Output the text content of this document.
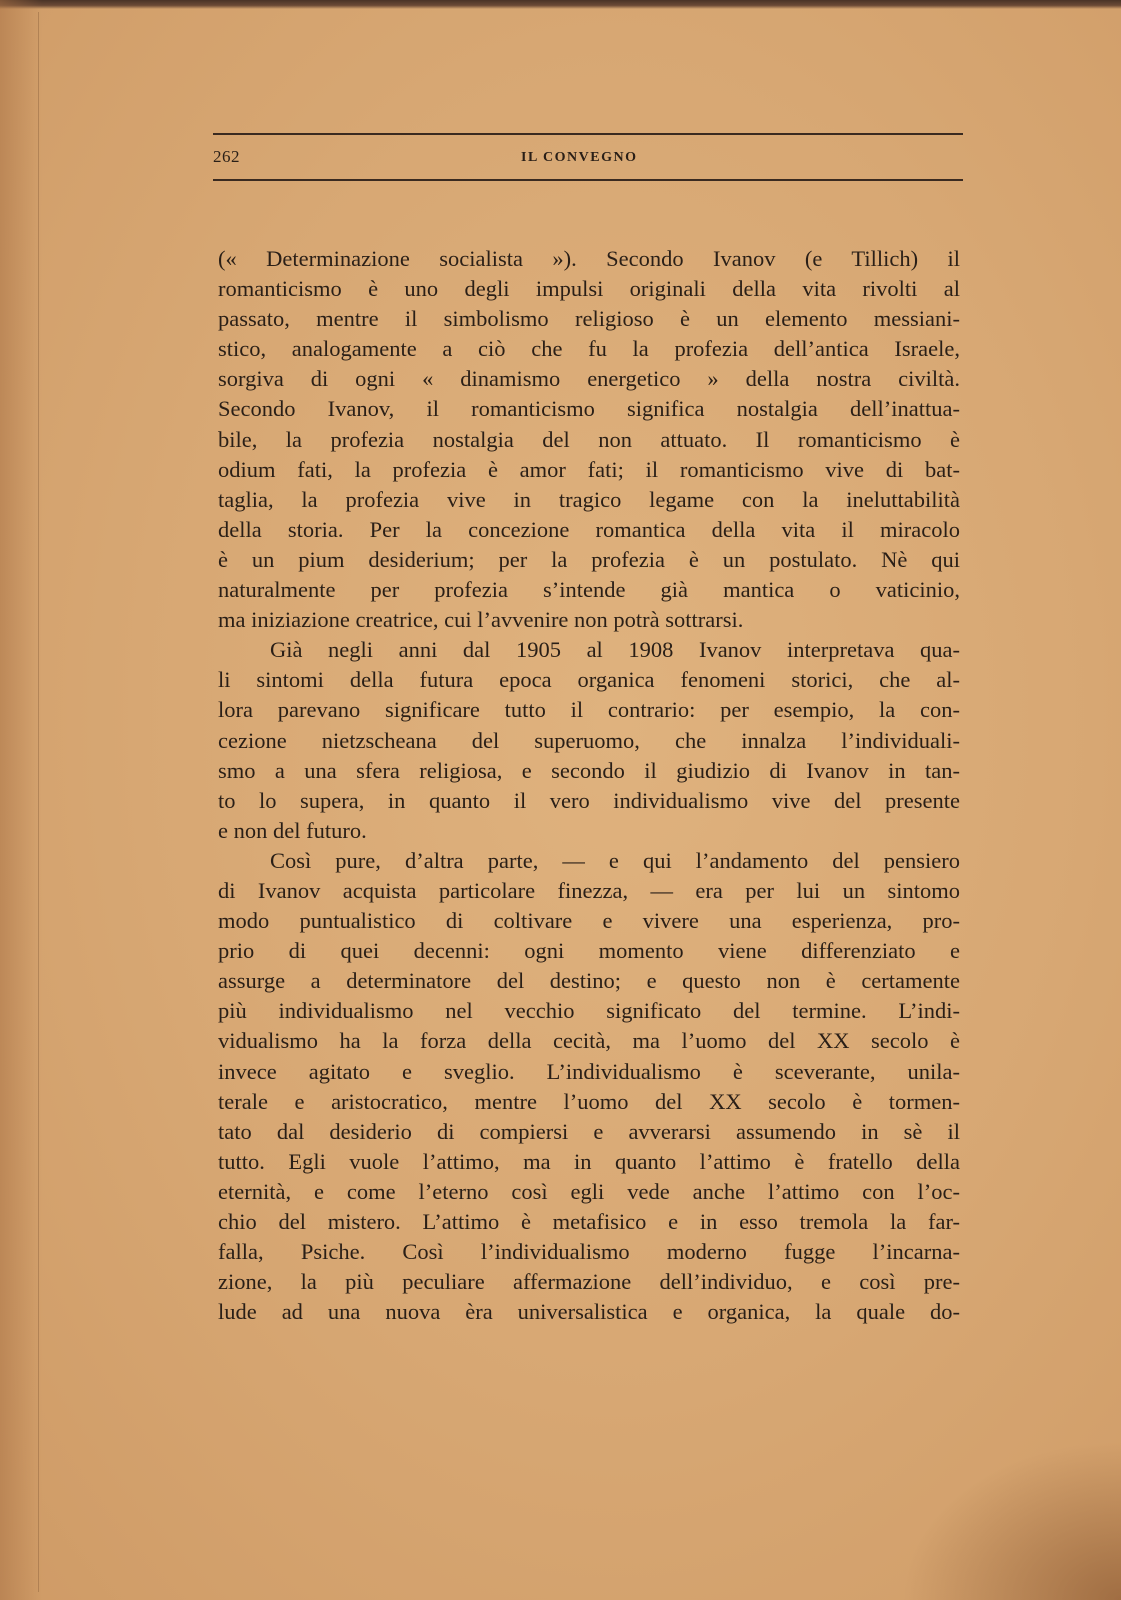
262	IL CONVEGNO
(« Determinazione socialista »). Secondo Ivanov (e Tillich) il
romanticismo è uno degli impulsi originali della vita rivolti al
passato, mentre il simbolismo religioso è un elemento messiani-
stico, analogamente a ciò che fu la profezia dell’antica Israele,
sorgiva di ogni « dinamismo energetico » della nostra civiltà.
Secondo Ivanov, il romanticismo significa nostalgia dell’inattua-
bile, la profezia nostalgia del non attuato. Il romanticismo è
odium fati, la profezia è amor fati; il romanticismo vive di bat-
taglia, la profezia vive in tragico legame con la ineluttabilità
della storia. Per la concezione romantica della vita il miracolo
è un pium desiderium; per la profezia è un postulato. Nè qui
naturalmente per profezia s’intende già mantica o vaticinio,
ma iniziazione creatrice, cui l’avvenire non potrà sottrarsi.
Già negli anni dal 1905 al 1908 Ivanov interpretava qua-
li sintomi della futura epoca organica fenomeni storici, che al-
lora parevano significare tutto il contrario: per esempio, la con-
cezione nietzscheana del superuomo, che innalza l’individuali-
smo a una sfera religiosa, e secondo il giudizio di Ivanov in tan-
to lo supera, in quanto il vero individualismo vive del presente
e non del futuro.
Così pure, d’altra parte, — e qui l’andamento del pensiero
di Ivanov acquista particolare finezza, — era per lui un sintomo
modo puntualistico di coltivare e vivere una esperienza, pro-
prio di quei decenni: ogni momento viene differenziato e
assurge a determinatore del destino; e questo non è certamente
più individualismo nel vecchio significato del termine. L’indi-
vidualismo ha la forza della cecità, ma l’uomo del XX secolo è
invece agitato e sveglio. L’individualismo è sceverante, unila-
terale e aristocratico, mentre l’uomo del XX secolo è tormen-
tato dal desiderio di compiersi e avverarsi assumendo in sè il
tutto. Egli vuole l’attimo, ma in quanto l’attimo è fratello della
eternità, e come l’eterno così egli vede anche l’attimo con l’oc-
chio del mistero. L’attimo è metafisico e in esso tremola la far-
falla, Psiche. Così l’individualismo moderno fugge l’incarna-
zione, la più peculiare affermazione dell’individuo, e così pre-
lude ad una nuova èra universalistica e organica, la quale do-
